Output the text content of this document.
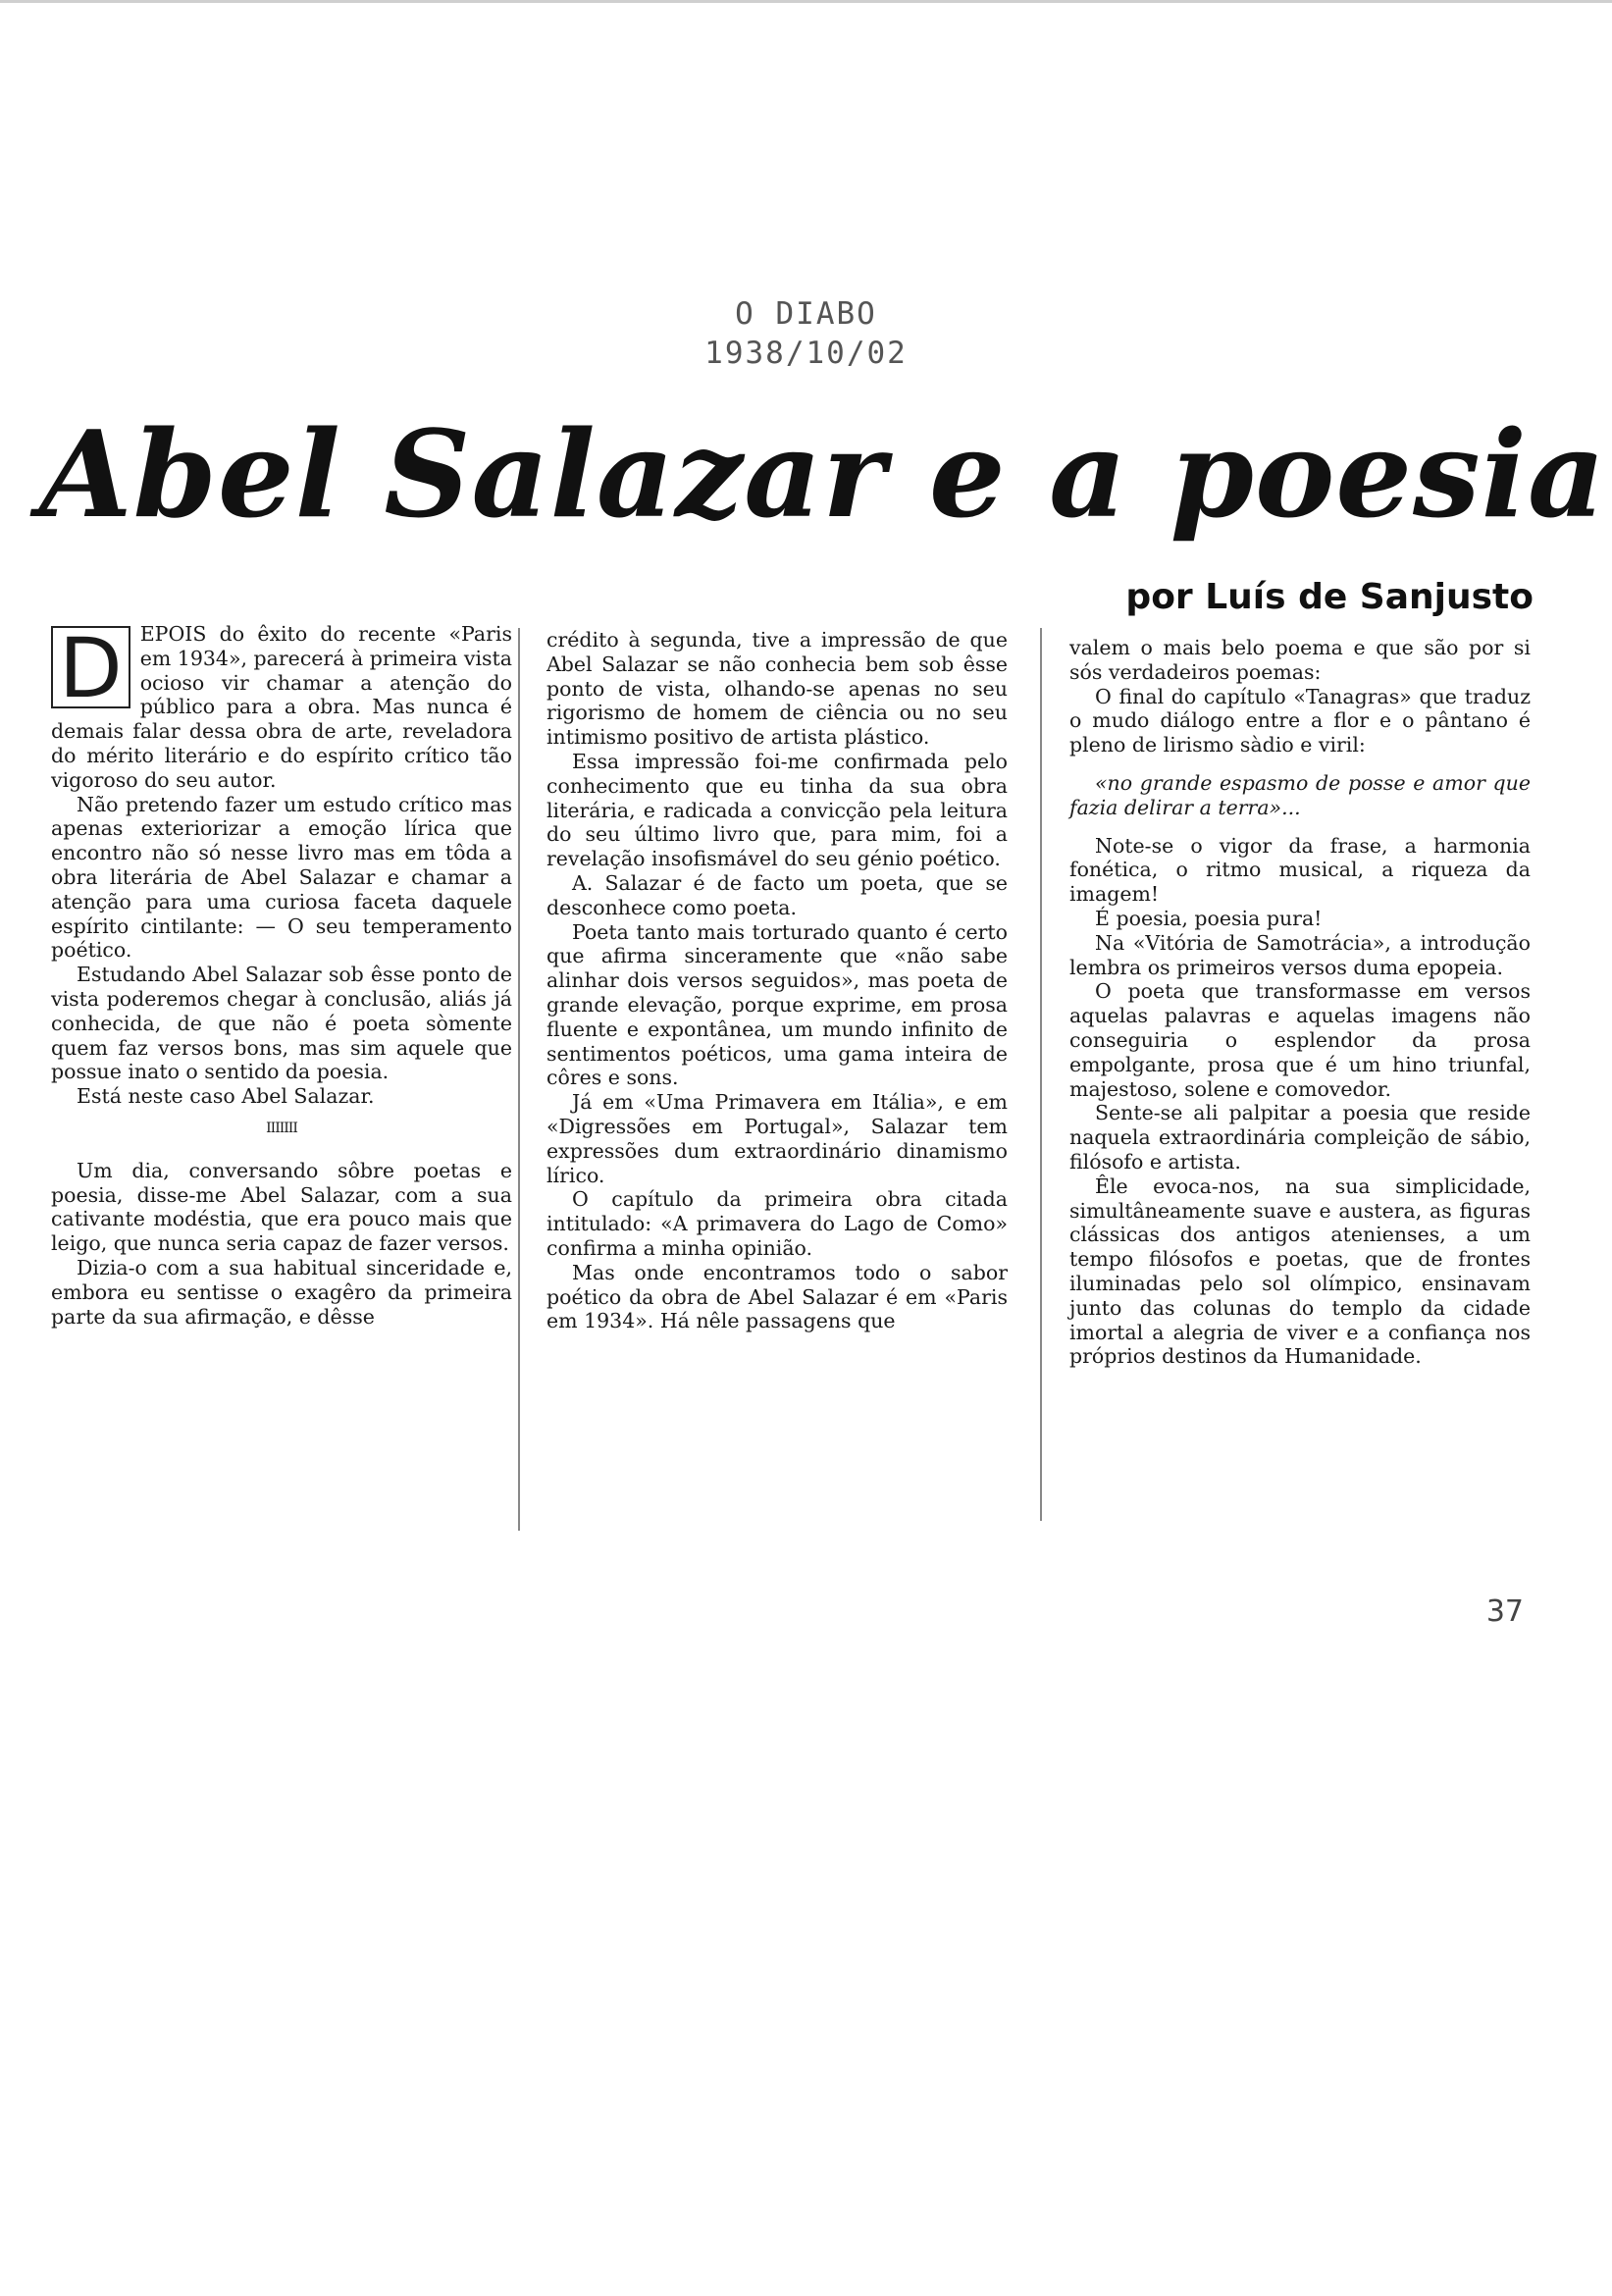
O DIABO
1938/10/02
Abel Salazar e a poesia
por Luís de Sanjusto
D EPOIS do êxito do recente «Paris em 1934», parecerá à primeira vista ocioso vir chamar a atenção do público para a obra. Mas nunca é demais falar dessa obra de arte, reveladora do mérito literário e do espírito crítico tão vigoroso do seu autor.

Não pretendo fazer um estudo crítico mas apenas exteriorizar a emoção lírica que encontro não só nesse livro mas em tôda a obra literária de Abel Salazar e chamar a atenção para uma curiosa faceta daquele espírito cintilante: — O seu temperamento poético.

Estudando Abel Salazar sob êsse ponto de vista poderemos chegar à conclusão, aliás já conhecida, de que não é poeta sòmente quem faz versos bons, mas sim aquele que possue inato o sentido da poesia.

Está neste caso Abel Salazar.

IIIIIII

Um dia, conversando sôbre poetas e poesia, disse-me Abel Salazar, com a sua cativante modéstia, que era pouco mais que leigo, que nunca seria capaz de fazer versos.

Dizia-o com a sua habitual sinceridade e, embora eu sentisse o exagêro da primeira parte da sua afirmação, e dêsse

crédito à segunda, tive a impressão de que Abel Salazar se não conhecia bem sob êsse ponto de vista, olhando-se apenas no seu rigorismo de homem de ciência ou no seu intimismo positivo de artista plástico.

Essa impressão foi-me confirmada pelo conhecimento que eu tinha da sua obra literária, e radicada a convicção pela leitura do seu último livro que, para mim, foi a revelação insofismável do seu génio poético.

A. Salazar é de facto um poeta, que se desconhece como poeta.

Poeta tanto mais torturado quanto é certo que afirma sinceramente que «não sabe alinhar dois versos seguidos», mas poeta de grande elevação, porque exprime, em prosa fluente e expontânea, um mundo infinito de sentimentos poéticos, uma gama inteira de côres e sons.

Já em «Uma Primavera em Itália», e em «Digressões em Portugal», Salazar tem expressões dum extraordinário dinamismo lírico.

O capítulo da primeira obra citada intitulado: «A primavera do Lago de Como» confirma a minha opinião.

Mas onde encontramos todo o sabor poético da obra de Abel Salazar é em «Paris em 1934». Há nêle passagens que

valem o mais belo poema e que são por si sós verdadeiros poemas:

O final do capítulo «Tanagras» que traduz o mudo diálogo entre a flor e o pântano é pleno de lirismo sàdio e viril:

«no grande espasmo de posse e amor que fazia delirar a terra»...

Note-se o vigor da frase, a harmonia fonética, o ritmo musical, a riqueza da imagem!

É poesia, poesia pura!

Na «Vitória de Samotrácia», a introdução lembra os primeiros versos duma epopeia.

O poeta que transformasse em versos aquelas palavras e aquelas imagens não conseguiria o esplendor da prosa empolgante, prosa que é um hino triunfal, majestoso, solene e comovedor.

Sente-se ali palpitar a poesia que reside naquela extraordinária compleição de sábio, filósofo e artista.

Êle evoca-nos, na sua simplicidade, simultâneamente suave e austera, as figuras clássicas dos antigos atenienses, a um tempo filósofos e poetas, que de frontes iluminadas pelo sol olímpico, ensinavam junto das colunas do templo da cidade imortal a alegria de viver e a confiança nos próprios destinos da Humanidade.

37
